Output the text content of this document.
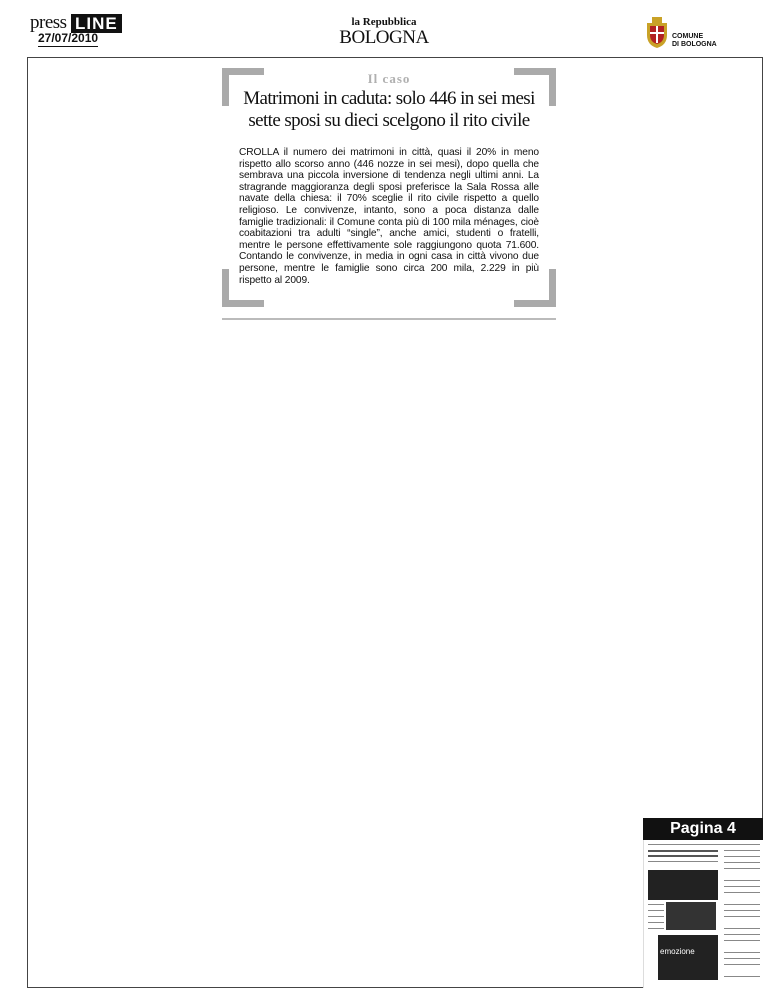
press LINE
27/07/2010
la Repubblica
BOLOGNA	COMUNE
DI BOLOGNA
Il caso
Matrimoni in caduta: solo 446 in sei mesi
sette sposi su dieci scelgono il rito civile
CROLLA il numero dei matrimoni in città, quasi il 20% in meno rispetto allo scorso anno (446 nozze in sei mesi), dopo quella che sembrava una piccola inversione di tendenza negli ultimi anni. La stragrande maggioranza degli sposi preferisce la Sala Rossa alle navate della chiesa: il 70% sceglie il rito civile rispetto a quello religioso. Le convivenze, intanto, sono a poca distanza dalle famiglie tradizionali: il Comune conta più di 100 mila ménages, cioè coabitazioni tra adulti “single”, anche amici, studenti o fratelli, mentre le persone effettivamente sole raggiungono quota 71.600. Contando le convivenze, in media in ogni casa in città vivono due persone, mentre le famiglie sono circa 200 mila, 2.229 in più rispetto al 2009.
Pagina 4
emozione
